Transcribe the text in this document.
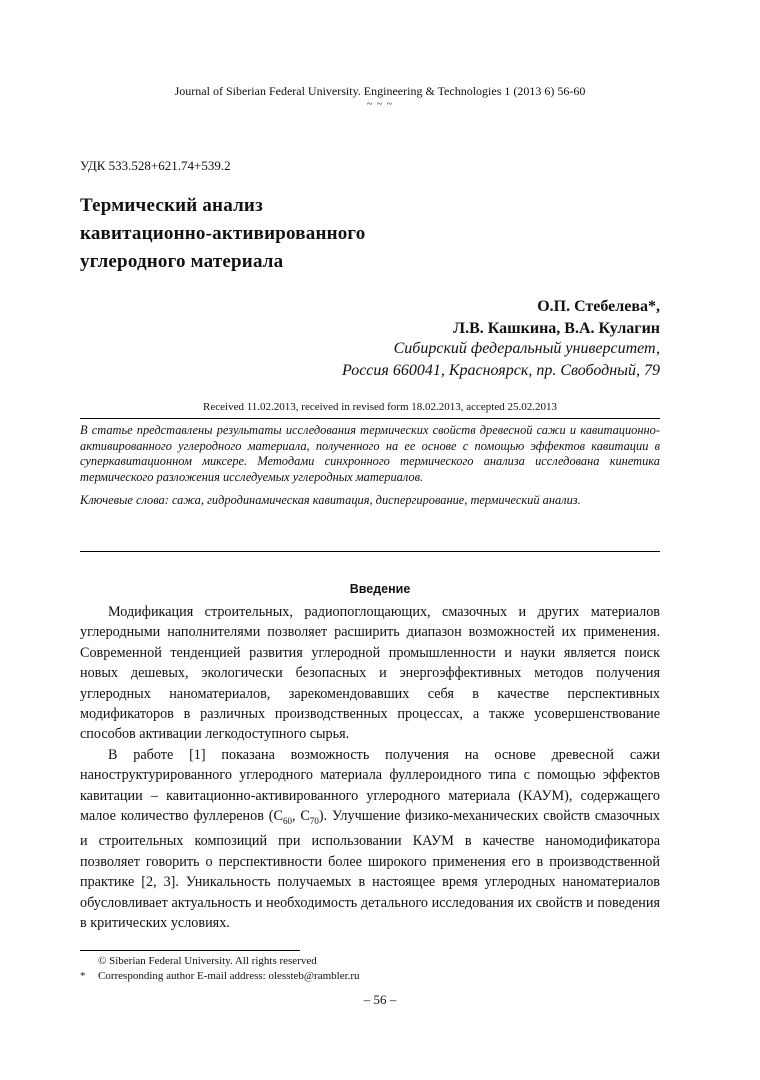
Journal of Siberian Federal University. Engineering & Technologies 1 (2013 6) 56-60
~ ~ ~
УДК 533.528+621.74+539.2
Термический анализ
кавитационно-активированного
углеродного материала
О.П. Стебелева*,
Л.В. Кашкина, В.А. Кулагин
Сибирский федеральный университет,
Россия 660041, Красноярск, пр. Свободный, 79
Received 11.02.2013, received in revised form 18.02.2013, accepted 25.02.2013

В статье представлены результаты исследования термических свойств древесной сажи и кавитационно-активированного углеродного материала, полученного на ее основе с помощью эффектов кавитации в суперкавитационном миксере. Методами синхронного термического анализа исследована кинетика термического разложения исследуемых углеродных материалов.

Ключевые слова: сажа, гидродинамическая кавитация, диспергирование, термический анализ.

Введение

Модификация строительных, радиопоглощающих, смазочных и других материалов углеродными наполнителями позволяет расширить диапазон возможностей их применения. Современной тенденцией развития углеродной промышленности и науки является поиск новых дешевых, экологически безопасных и энергоэффективных методов получения углеродных наноматериалов, зарекомендовавших себя в качестве перспективных модификаторов в различных производственных процессах, а также усовершенствование способов активации легкодоступного сырья.

В работе [1] показана возможность получения на основе древесной сажи наноструктурированного углеродного материала фуллероидного типа с помощью эффектов кавитации – кавитационно-активированного углеродного материала (КАУМ), содержащего малое количество фуллеренов ($С_{60}$, $С_{70}$). Улучшение физико-механических свойств смазочных и строительных композиций при использовании КАУМ в качестве наномодификатора позволяет говорить о перспективности более широкого применения его в производственной практике [2, 3]. Уникальность получаемых в настоящее время углеродных наноматериалов обусловливает актуальность и необходимость детального исследования их свойств и поведения в критических условиях.

© Siberian Federal University. All rights reserved
* Corresponding author E-mail address: olessteb@rambler.ru
– 56 –
